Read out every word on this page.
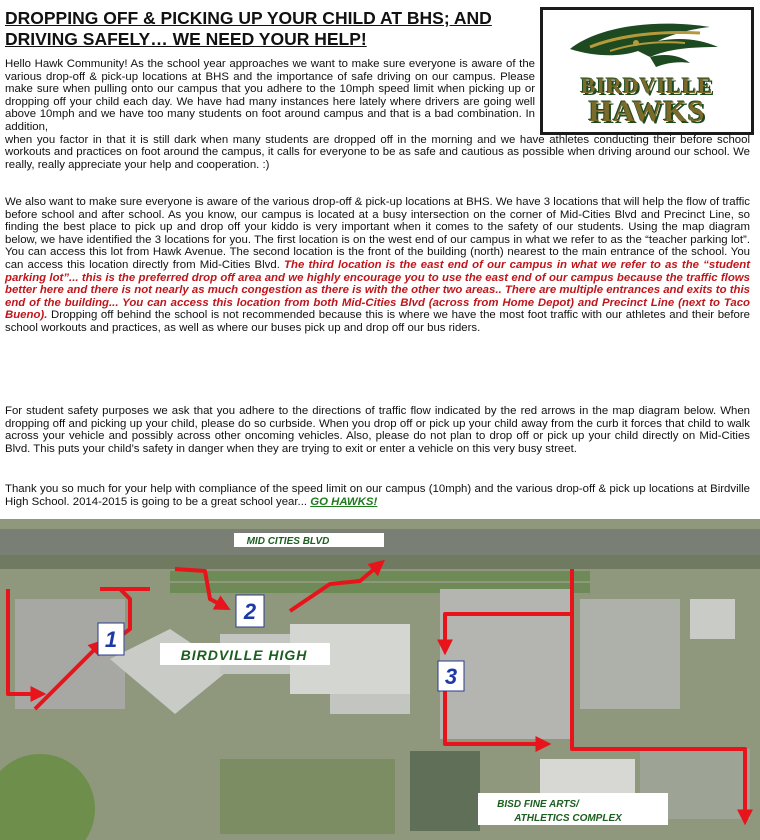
DROPPING OFF & PICKING UP YOUR CHILD AT BHS; AND DRIVING SAFELY… WE NEED YOUR HELP!
BIRDVILLE
HAWKS
Hello Hawk Community! As the school year approaches we want to make sure everyone is aware of the various drop-off & pick-up locations at BHS and the importance of safe driving on our campus. Please make sure when pulling onto our campus that you adhere to the 10mph speed limit when picking up or dropping off your child each day. We have had many instances here lately where drivers are going well above 10mph and we have too many students on foot around campus and that is a bad combination. In addition,
when you factor in that it is still dark when many students are dropped off in the morning and we have athletes conducting their before school workouts and practices on foot around the campus, it calls for everyone to be as safe and cautious as possible when driving around our school. We really, really appreciate your help and cooperation. :)
We also want to make sure everyone is aware of the various drop-off & pick-up locations at BHS. We have 3 locations that will help the flow of traffic before school and after school. As you know, our campus is located at a busy intersection on the corner of Mid-Cities Blvd and Precinct Line, so finding the best place to pick up and drop off your kiddo is very important when it comes to the safety of our students. Using the map diagram below, we have identified the 3 locations for you. The first location is on the west end of our campus in what we refer to as the “teacher parking lot”. You can access this lot from Hawk Avenue. The second location is the front of the building (north) nearest to the main entrance of the school. You can access this location directly from Mid-Cities Blvd. The third location is the east end of our campus in what we refer to as the “student parking lot”... this is the preferred drop off area and we highly encourage you to use the east end of our campus because the traffic flows better here and there is not nearly as much congestion as there is with the other two areas.. There are multiple entrances and exits to this end of the building... You can access this location from both Mid-Cities Blvd (across from Home Depot) and Precinct Line (next to Taco Bueno). Dropping off behind the school is not recommended because this is where we have the most foot traffic with our athletes and their before school workouts and practices, as well as where our buses pick up and drop off our bus riders.
For student safety purposes we ask that you adhere to the directions of traffic flow indicated by the red arrows in the map diagram below. When dropping off and picking up your child, please do so curbside. When you drop off or pick up your child away from the curb it forces that child to walk across your vehicle and possibly across other oncoming vehicles. Also, please do not plan to drop off or pick up your child directly on Mid-Cities Blvd. This puts your child’s safety in danger when they are trying to exit or enter a vehicle on this very busy street.
Thank you so much for your help with compliance of the speed limit on our campus (10mph) and the various drop-off & pick up locations at Birdville High School. 2014-2015 is going to be a great school year... GO HAWKS!
1
2
3
MID CITIES BLVD
BIRDVILLE HIGH
BISD FINE ARTS/
ATHLETICS COMPLEX
